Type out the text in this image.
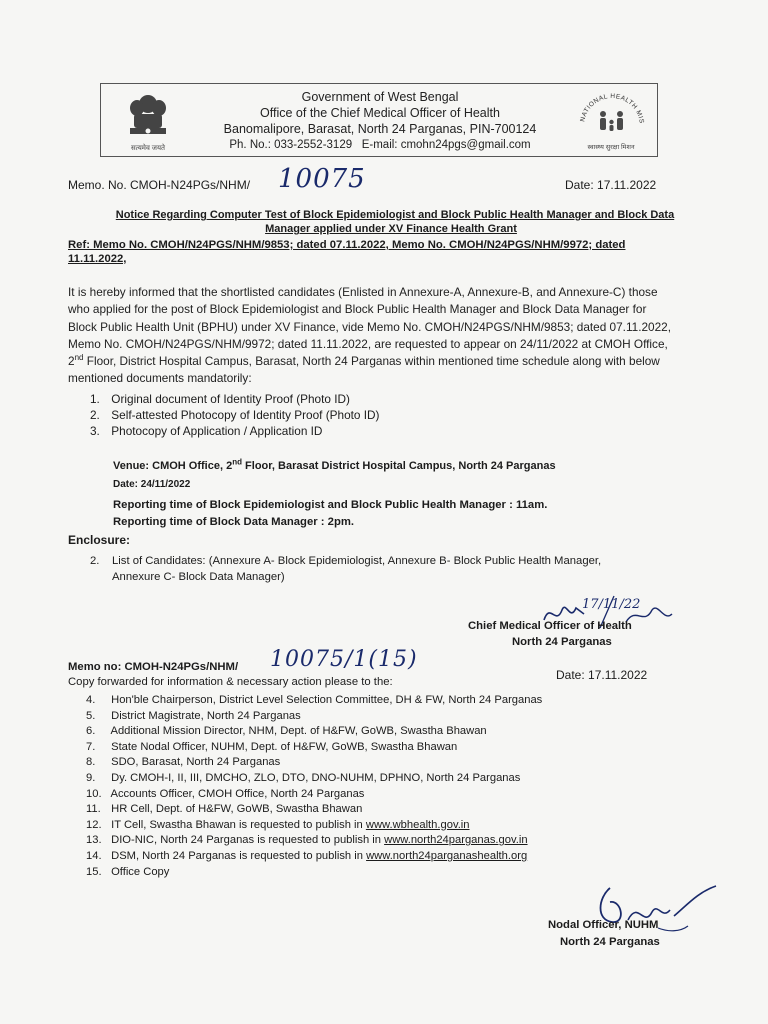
सत्यमेव जयते
Government of West Bengal
Office of the Chief Medical Officer of Health
Banomalipore, Barasat, North 24 Parganas, PIN-700124
Ph. No.: 033-2552-3129 E-mail: cmohn24pgs@gmail.com
NATIONAL HEALTH MIS
स्वास्थ्य सुरक्षा मिशन
Memo. No. CMOH-N24PGs/NHM/ 10075	Date: 17.11.2022
Notice Regarding Computer Test of Block Epidemiologist and Block Public Health Manager and Block Data
Manager applied under XV Finance Health Grant
Ref: Memo No. CMOH/N24PGS/NHM/9853; dated 07.11.2022, Memo No. CMOH/N24PGS/NHM/9972; dated
11.11.2022,
It is hereby informed that the shortlisted candidates (Enlisted in Annexure-A, Annexure-B, and Annexure-C) those
who applied for the post of Block Epidemiologist and Block Public Health Manager and Block Data Manager for
Block Public Health Unit (BPHU) under XV Finance, vide Memo No. CMOH/N24PGS/NHM/9853; dated 07.11.2022,
Memo No. CMOH/N24PGS/NHM/9972; dated 11.11.2022, are requested to appear on 24/11/2022 at CMOH Office,
2nd Floor, District Hospital Campus, Barasat, North 24 Parganas within mentioned time schedule along with below
mentioned documents mandatorily:
1. Original document of Identity Proof (Photo ID)
2. Self-attested Photocopy of Identity Proof (Photo ID)
3. Photocopy of Application / Application ID
Venue: CMOH Office, 2nd Floor, Barasat District Hospital Campus, North 24 Parganas
Date: 24/11/2022
Reporting time of Block Epidemiologist and Block Public Health Manager : 11am.
Reporting time of Block Data Manager : 2pm.
Enclosure:
2. List of Candidates: (Annexure A- Block Epidemiologist, Annexure B- Block Public Health Manager,
Annexure C- Block Data Manager)
17/11/22
Chief Medical Officer of Health
North 24 Parganas
Memo no: CMOH-N24PGs/NHM/ 10075/1(15)
Date: 17.11.2022
Copy forwarded for information & necessary action please to the:
4. Hon'ble Chairperson, District Level Selection Committee, DH & FW, North 24 Parganas
5. District Magistrate, North 24 Parganas
6. Additional Mission Director, NHM, Dept. of H&FW, GoWB, Swastha Bhawan
7. State Nodal Officer, NUHM, Dept. of H&FW, GoWB, Swastha Bhawan
8. SDO, Barasat, North 24 Parganas
9. Dy. CMOH-I, II, III, DMCHO, ZLO, DTO, DNO-NUHM, DPHNO, North 24 Parganas
10. Accounts Officer, CMOH Office, North 24 Parganas
11. HR Cell, Dept. of H&FW, GoWB, Swastha Bhawan
12. IT Cell, Swastha Bhawan is requested to publish in www.wbhealth.gov.in
13. DIO-NIC, North 24 Parganas is requested to publish in www.north24parganas.gov.in
14. DSM, North 24 Parganas is requested to publish in www.north24parganashealth.org
15. Office Copy
Nodal Officer, NUHM
North 24 Parganas
